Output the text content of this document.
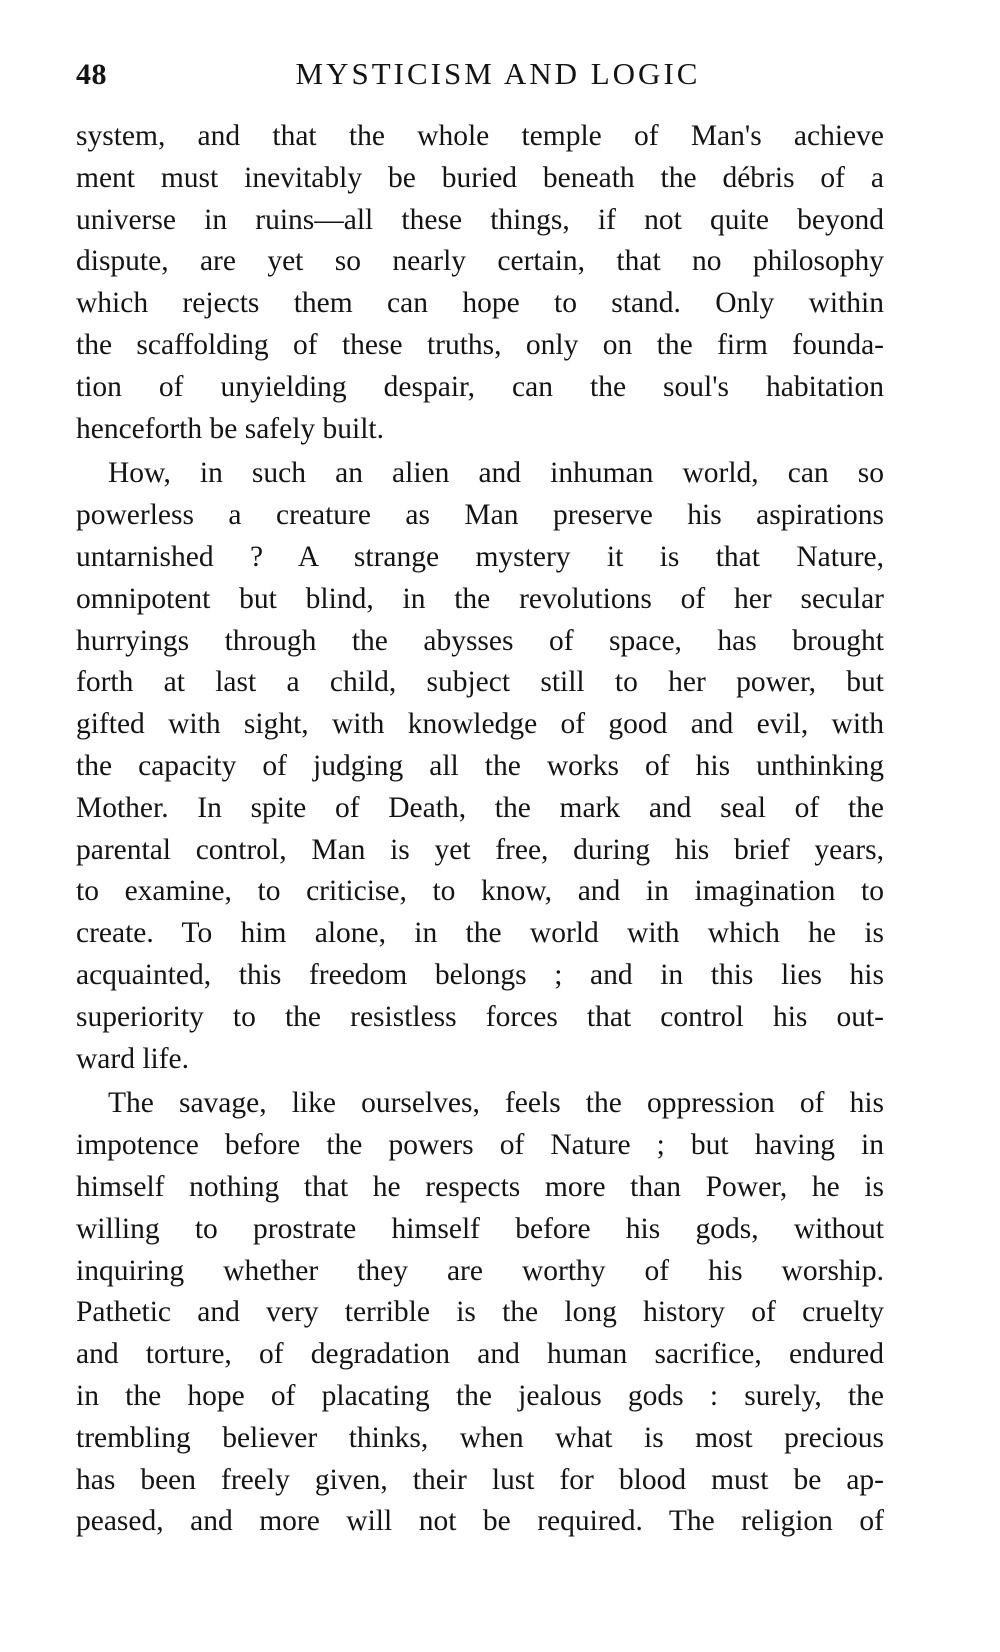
48	MYSTICISM AND LOGIC
system, and that the whole temple of Man's achieve
ment must inevitably be buried beneath the débris of a
universe in ruins—all these things, if not quite beyond
dispute, are yet so nearly certain, that no philosophy
which rejects them can hope to stand. Only within
the scaffolding of these truths, only on the firm founda-
tion of unyielding despair, can the soul's habitation
henceforth be safely built.
How, in such an alien and inhuman world, can so
powerless a creature as Man preserve his aspirations
untarnished ? A strange mystery it is that Nature,
omnipotent but blind, in the revolutions of her secular
hurryings through the abysses of space, has brought
forth at last a child, subject still to her power, but
gifted with sight, with knowledge of good and evil, with
the capacity of judging all the works of his unthinking
Mother. In spite of Death, the mark and seal of the
parental control, Man is yet free, during his brief years,
to examine, to criticise, to know, and in imagination to
create. To him alone, in the world with which he is
acquainted, this freedom belongs ; and in this lies his
superiority to the resistless forces that control his out-
ward life.
The savage, like ourselves, feels the oppression of his
impotence before the powers of Nature ; but having in
himself nothing that he respects more than Power, he is
willing to prostrate himself before his gods, without
inquiring whether they are worthy of his worship.
Pathetic and very terrible is the long history of cruelty
and torture, of degradation and human sacrifice, endured
in the hope of placating the jealous gods : surely, the
trembling believer thinks, when what is most precious
has been freely given, their lust for blood must be ap-
peased, and more will not be required. The religion of
